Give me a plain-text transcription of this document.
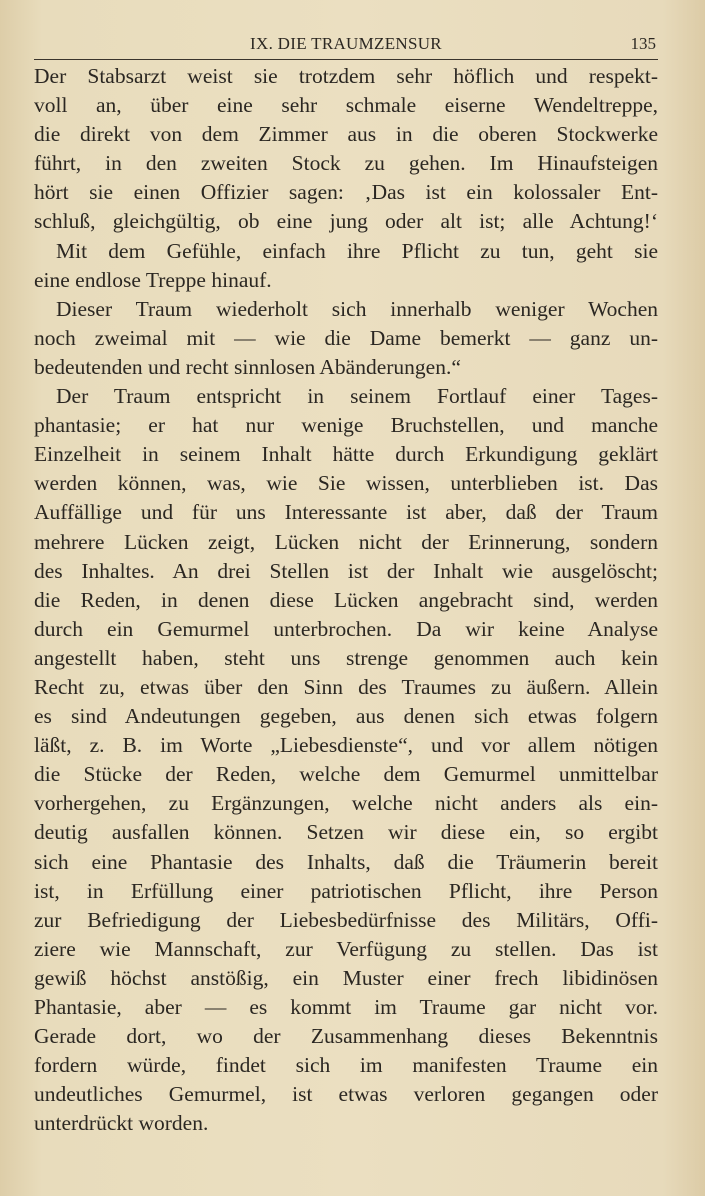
IX. DIE TRAUMZENSUR	135
Der Stabsarzt weist sie trotzdem sehr höflich und respekt-
voll an, über eine sehr schmale eiserne Wendeltreppe,
die direkt von dem Zimmer aus in die oberen Stockwerke
führt, in den zweiten Stock zu gehen. Im Hinaufsteigen
hört sie einen Offizier sagen: ‚Das ist ein kolossaler Ent-
schluß, gleichgültig, ob eine jung oder alt ist; alle Achtung!‘
Mit dem Gefühle, einfach ihre Pflicht zu tun, geht sie
eine endlose Treppe hinauf.
Dieser Traum wiederholt sich innerhalb weniger Wochen
noch zweimal mit — wie die Dame bemerkt — ganz un-
bedeutenden und recht sinnlosen Abänderungen.“
Der Traum entspricht in seinem Fortlauf einer Tages-
phantasie; er hat nur wenige Bruchstellen, und manche
Einzelheit in seinem Inhalt hätte durch Erkundigung geklärt
werden können, was, wie Sie wissen, unterblieben ist. Das
Auffällige und für uns Interessante ist aber, daß der Traum
mehrere Lücken zeigt, Lücken nicht der Erinnerung, sondern
des Inhaltes. An drei Stellen ist der Inhalt wie ausgelöscht;
die Reden, in denen diese Lücken angebracht sind, werden
durch ein Gemurmel unterbrochen. Da wir keine Analyse
angestellt haben, steht uns strenge genommen auch kein
Recht zu, etwas über den Sinn des Traumes zu äußern. Allein
es sind Andeutungen gegeben, aus denen sich etwas folgern
läßt, z. B. im Worte „Liebesdienste“, und vor allem nötigen
die Stücke der Reden, welche dem Gemurmel unmittelbar
vorhergehen, zu Ergänzungen, welche nicht anders als ein-
deutig ausfallen können. Setzen wir diese ein, so ergibt
sich eine Phantasie des Inhalts, daß die Träumerin bereit
ist, in Erfüllung einer patriotischen Pflicht, ihre Person
zur Befriedigung der Liebesbedürfnisse des Militärs, Offi-
ziere wie Mannschaft, zur Verfügung zu stellen. Das ist
gewiß höchst anstößig, ein Muster einer frech libidinösen
Phantasie, aber — es kommt im Traume gar nicht vor.
Gerade dort, wo der Zusammenhang dieses Bekenntnis
fordern würde, findet sich im manifesten Traume ein
undeutliches Gemurmel, ist etwas verloren gegangen oder
unterdrückt worden.
